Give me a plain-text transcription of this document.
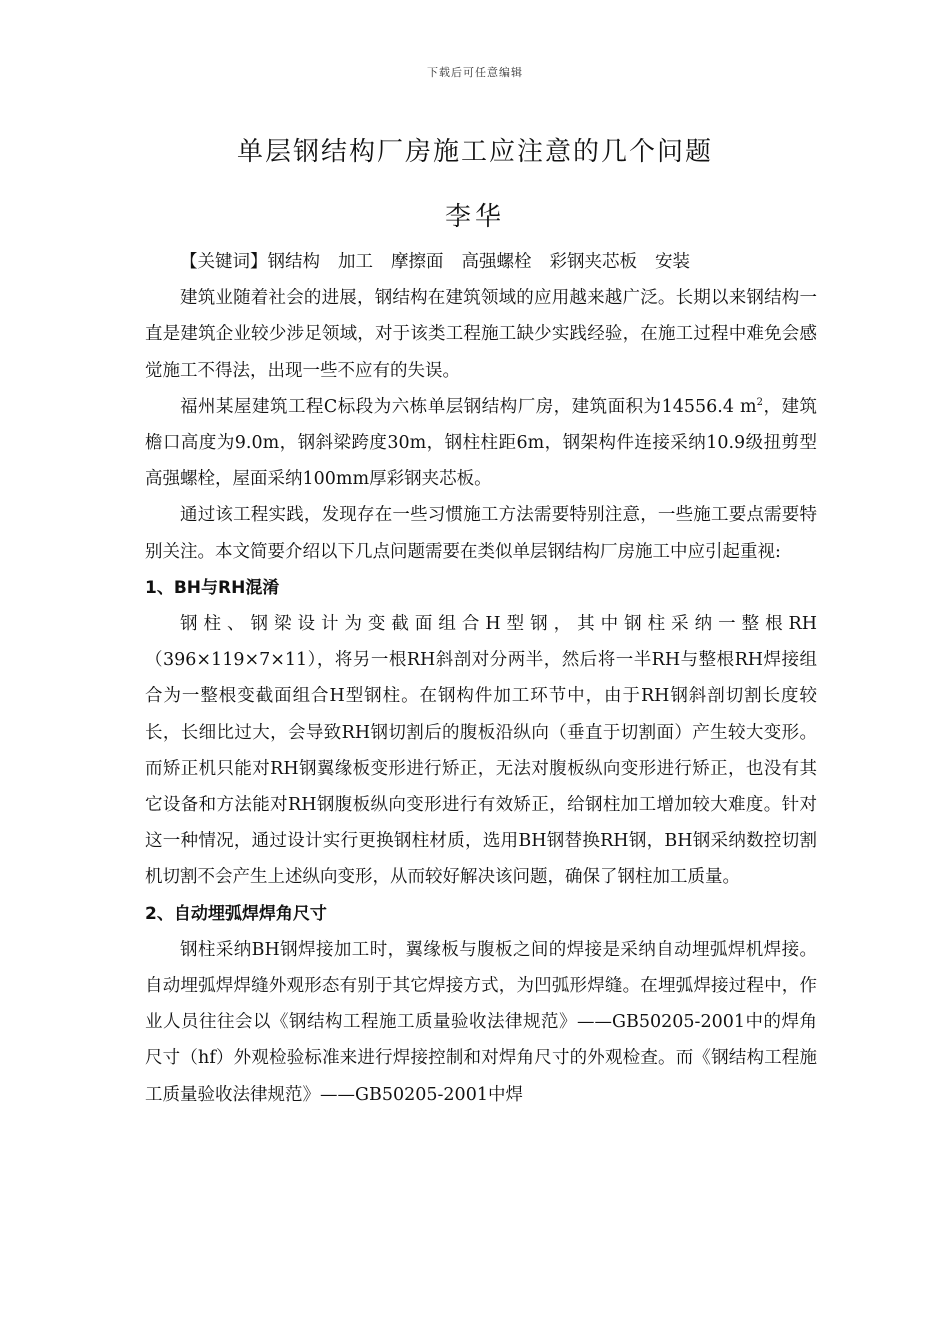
下载后可任意编辑
单层钢结构厂房施工应注意的几个问题
李华

【关键词】钢结构 加工 摩擦面 高强螺栓 彩钢夹芯板 安装

建筑业随着社会的进展，钢结构在建筑领域的应用越来越广泛。长期以来钢结构一直是建筑企业较少涉足领域，对于该类工程施工缺少实践经验，在施工过程中难免会感觉施工不得法，出现一些不应有的失误。

福州某屋建筑工程C标段为六栋单层钢结构厂房，建筑面积为14556.4 $m^2$，建筑檐口高度为9.0m，钢斜梁跨度30m，钢柱柱距6m，钢架构件连接采纳10.9级扭剪型高强螺栓，屋面采纳100mm厚彩钢夹芯板。

通过该工程实践，发现存在一些习惯施工方法需要特别注意，一些施工要点需要特别关注。本文简要介绍以下几点问题需要在类似单层钢结构厂房施工中应引起重视:

1、BH与RH混淆

钢柱、钢梁设计为变截面组合H型钢，其中钢柱采纳一整根RH（396×119×7×11），将另一根RH斜剖对分两半，然后将一半RH与整根RH焊接组合为一整根变截面组合H型钢柱。在钢构件加工环节中，由于RH钢斜剖切割长度较长，长细比过大，会导致RH钢切割后的腹板沿纵向（垂直于切割面）产生较大变形。而矫正机只能对RH钢翼缘板变形进行矫正，无法对腹板纵向变形进行矫正，也没有其它设备和方法能对RH钢腹板纵向变形进行有效矫正，给钢柱加工增加较大难度。针对这一种情况，通过设计实行更换钢柱材质，选用BH钢替换RH钢，BH钢采纳数控切割机切割不会产生上述纵向变形，从而较好解决该问题，确保了钢柱加工质量。

2、自动埋弧焊焊角尺寸

钢柱采纳BH钢焊接加工时，翼缘板与腹板之间的焊接是采纳自动埋弧焊机焊接。自动埋弧焊焊缝外观形态有别于其它焊接方式，为凹弧形焊缝。在埋弧焊接过程中，作业人员往往会以《钢结构工程施工质量验收法律规范》——GB50205-2001中的焊角尺寸（hf）外观检验标准来进行焊接控制和对焊角尺寸的外观检查。而《钢结构工程施工质量验收法律规范》——GB50205-2001中焊
